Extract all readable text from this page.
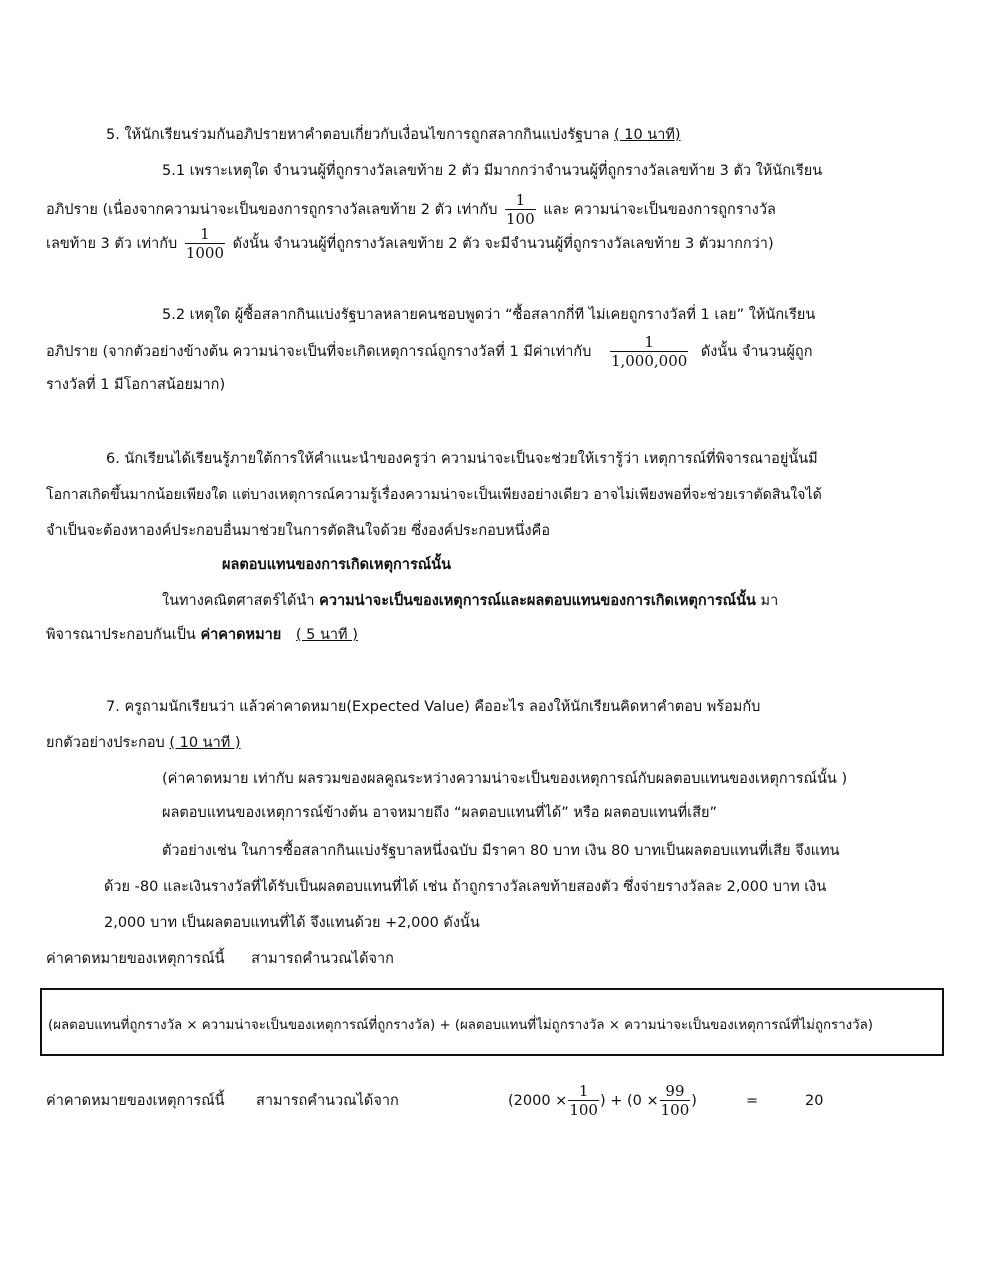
5. ให้นักเรียนร่วมกันอภิปรายหาคำตอบเกี่ยวกับเงื่อนไขการถูกสลากกินแบ่งรัฐบาล ( 10 นาที)
5.1 เพราะเหตุใด จำนวนผู้ที่ถูกรางวัลเลขท้าย 2 ตัว มีมากกว่าจำนวนผู้ที่ถูกรางวัลเลขท้าย 3 ตัว ให้นักเรียน
อภิปราย (เนื่องจากความน่าจะเป็นของการถูกรางวัลเลขท้าย 2 ตัว เท่ากับ $\frac{1}{100}$ และ ความน่าจะเป็นของการถูกรางวัล
เลขท้าย 3 ตัว เท่ากับ $\frac{1}{1000}$ ดังนั้น จำนวนผู้ที่ถูกรางวัลเลขท้าย 2 ตัว จะมีจำนวนผู้ที่ถูกรางวัลเลขท้าย 3 ตัวมากกว่า)
5.2 เหตุใด ผู้ซื้อสลากกินแบ่งรัฐบาลหลายคนชอบพูดว่า “ซื้อสลากกี่ที ไม่เคยถูกรางวัลที่ 1 เลย” ให้นักเรียน
อภิปราย (จากตัวอย่างข้างต้น ความน่าจะเป็นที่จะเกิดเหตุการณ์ถูกรางวัลที่ 1 มีค่าเท่ากับ $\frac{1}{1,000,000}$ ดังนั้น จำนวนผู้ถูก
รางวัลที่ 1 มีโอกาสน้อยมาก)
6. นักเรียนได้เรียนรู้ภายใต้การให้คำแนะนำของครูว่า ความน่าจะเป็นจะช่วยให้เรารู้ว่า เหตุการณ์ที่พิจารณาอยู่นั้นมี
โอกาสเกิดขึ้นมากน้อยเพียงใด แต่บางเหตุการณ์ความรู้เรื่องความน่าจะเป็นเพียงอย่างเดียว อาจไม่เพียงพอที่จะช่วยเราตัดสินใจได้
จำเป็นจะต้องหาองค์ประกอบอื่นมาช่วยในการตัดสินใจด้วย ซึ่งองค์ประกอบหนึ่งคือ
ผลตอบแทนของการเกิดเหตุการณ์นั้น
ในทางคณิตศาสตร์ได้นำ ความน่าจะเป็นของเหตุการณ์และผลตอบแทนของการเกิดเหตุการณ์นั้น มา
พิจารณาประกอบกันเป็น ค่าคาดหมาย ( 5 นาที )
7. ครูถามนักเรียนว่า แล้วค่าคาดหมาย(Expected Value) คืออะไร ลองให้นักเรียนคิดหาคำตอบ พร้อมกับ
ยกตัวอย่างประกอบ ( 10 นาที )
(ค่าคาดหมาย เท่ากับ ผลรวมของผลคูณระหว่างความน่าจะเป็นของเหตุการณ์กับผลตอบแทนของเหตุการณ์นั้น )
ผลตอบแทนของเหตุการณ์ข้างต้น อาจหมายถึง “ผลตอบแทนที่ได้” หรือ ผลตอบแทนที่เสีย”
ตัวอย่างเช่น ในการซื้อสลากกินแบ่งรัฐบาลหนึ่งฉบับ มีราคา 80 บาท เงิน 80 บาทเป็นผลตอบแทนที่เสีย จึงแทน
ด้วย -80 และเงินรางวัลที่ได้รับเป็นผลตอบแทนที่ได้ เช่น ถ้าถูกรางวัลเลขท้ายสองตัว ซึ่งจ่ายรางวัลละ 2,000 บาท เงิน
2,000 บาท เป็นผลตอบแทนที่ได้ จึงแทนด้วย +2,000 ดังนั้น
ค่าคาดหมายของเหตุการณ์นี้ สามารถคำนวณได้จาก
(ผลตอบแทนที่ถูกรางวัล × ความน่าจะเป็นของเหตุการณ์ที่ถูกรางวัล) + (ผลตอบแทนที่ไม่ถูกรางวัล × ความน่าจะเป็นของเหตุการณ์ที่ไม่ถูกรางวัล)
ค่าคาดหมายของเหตุการณ์นี้ สามารถคำนวณได้จาก	($2000 \times \frac{1}{100}$ ) + ($0 \times \frac{99}{100}$ )	=	20
